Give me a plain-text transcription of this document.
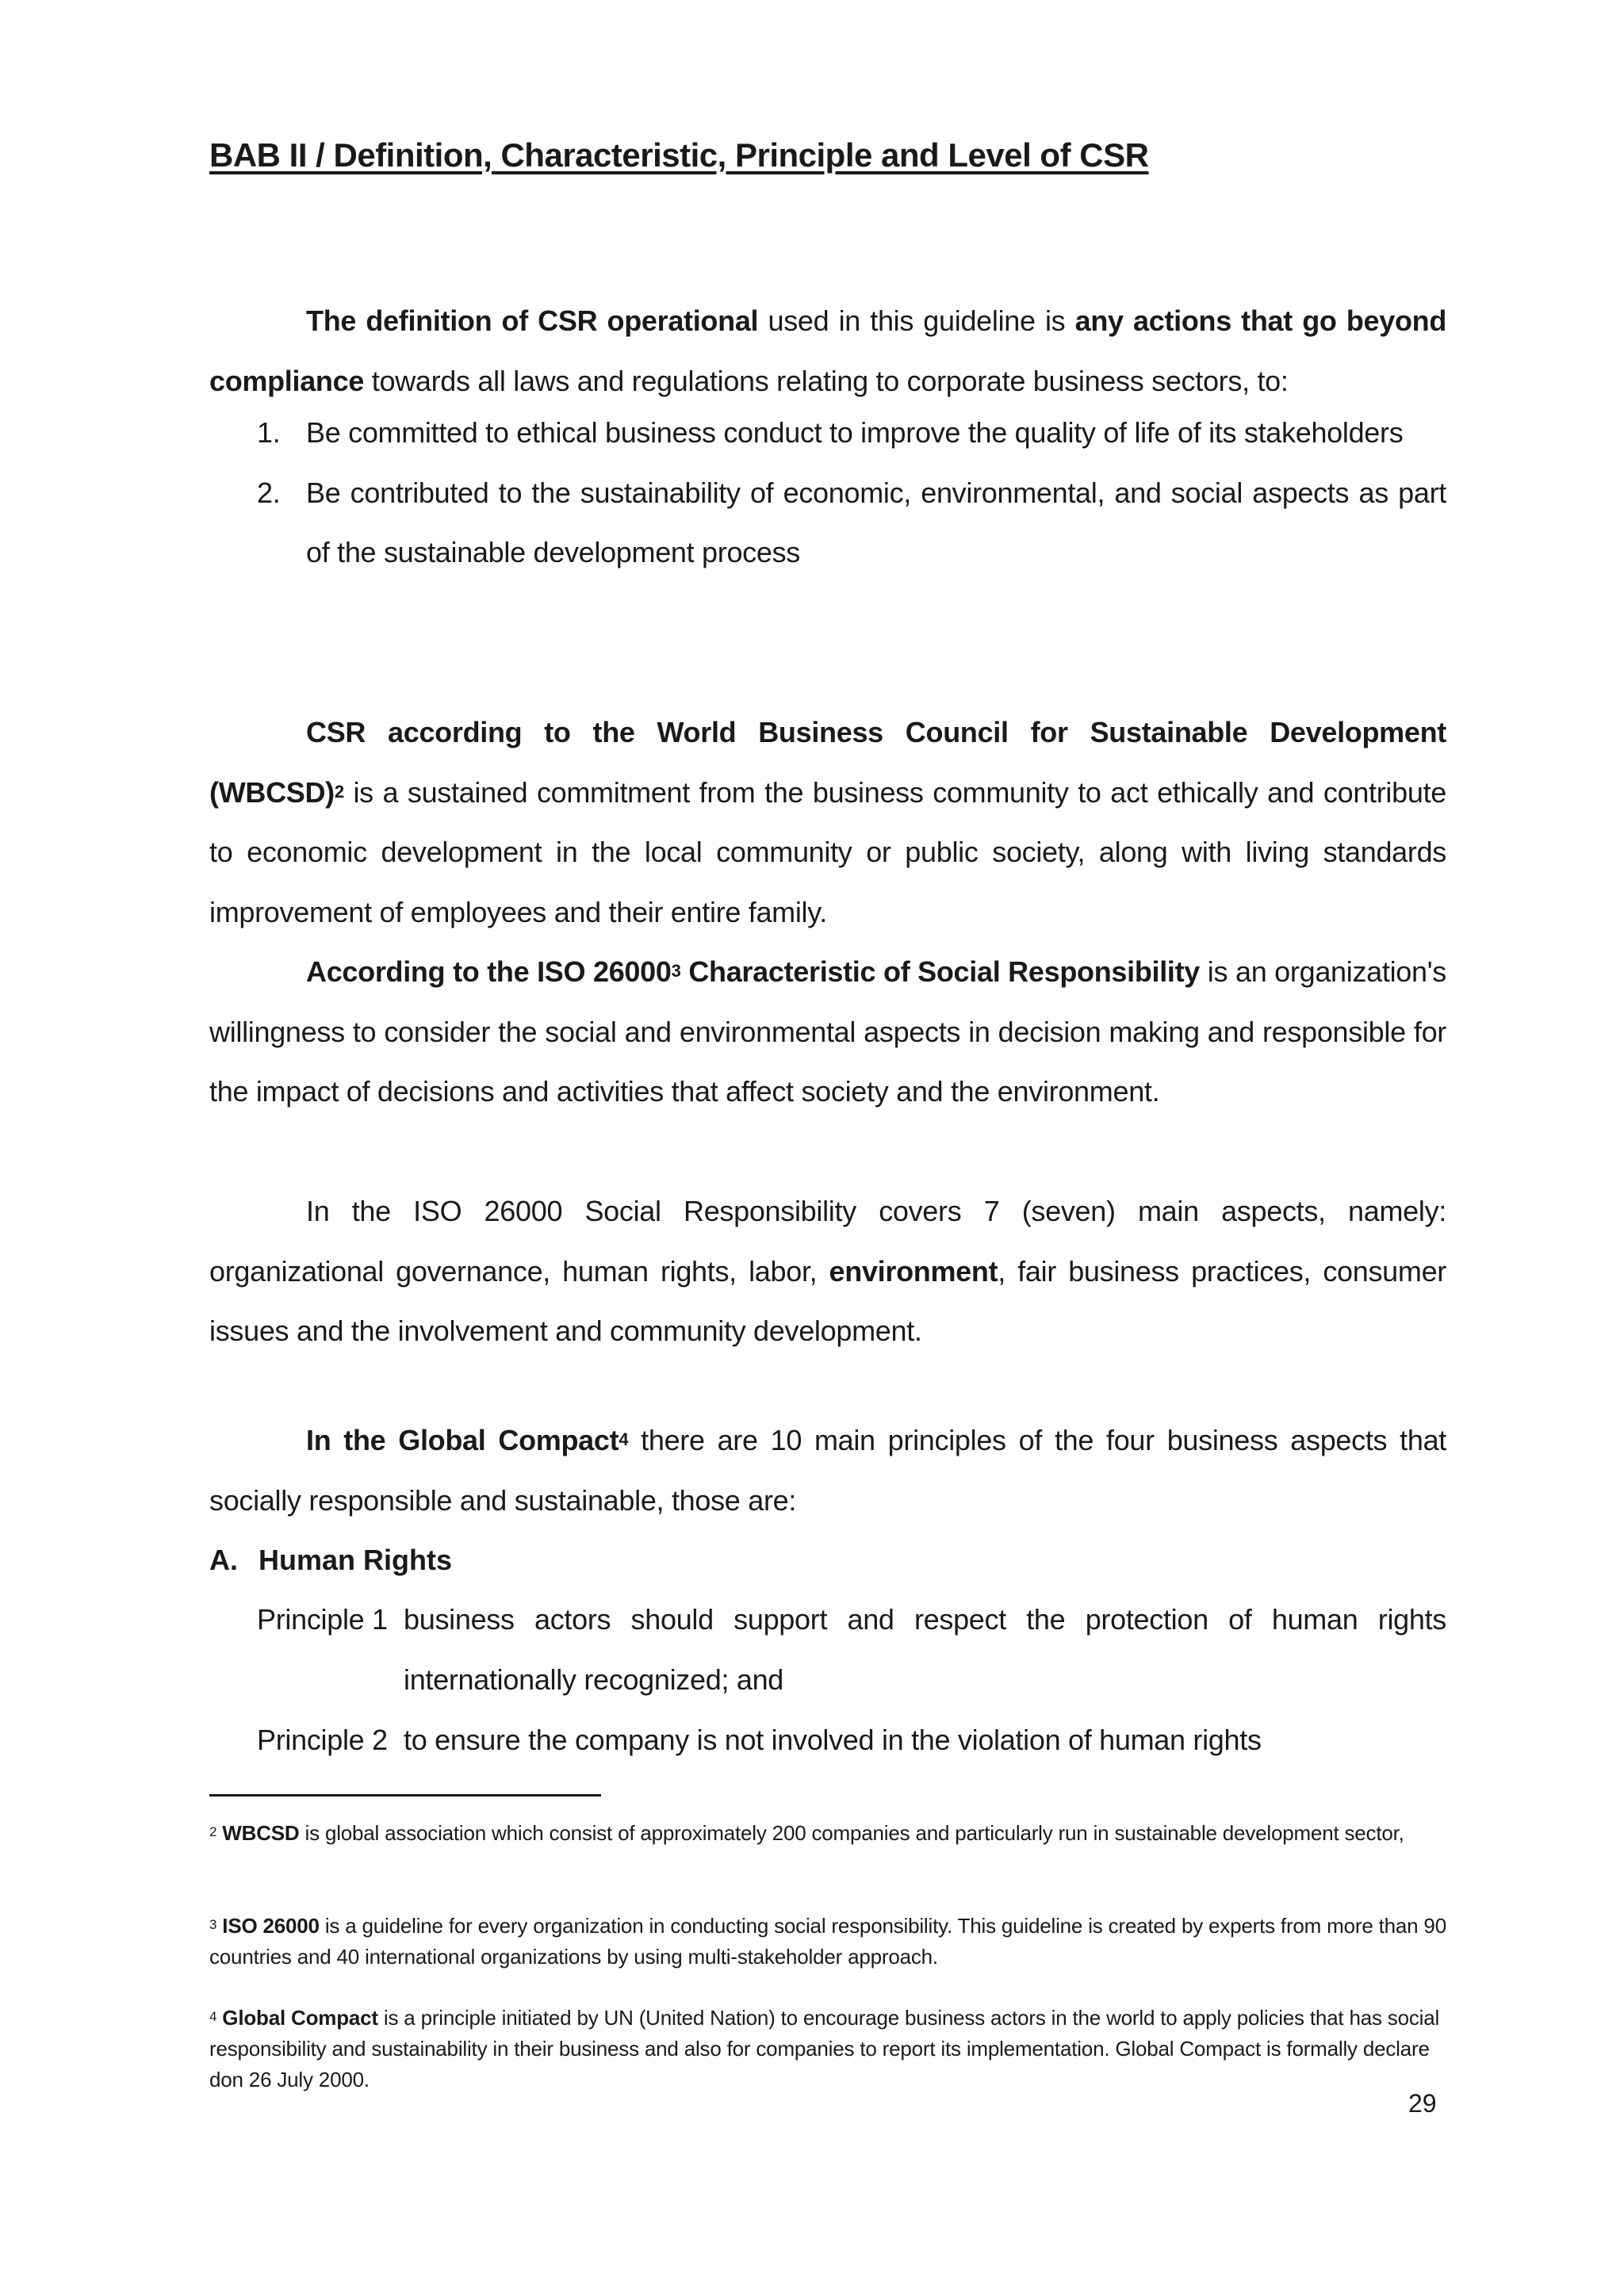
BAB II / Definition, Characteristic, Principle and Level of CSR

The definition of CSR operational used in this guideline is any actions that go beyond compliance towards all laws and regulations relating to corporate business sectors, to:

1. Be committed to ethical business conduct to improve the quality of life of its stakeholders
2. Be contributed to the sustainability of economic, environmental, and social aspects as part of the sustainable development process

CSR according to the World Business Council for Sustainable Development (WBCSD)$^2$ is a sustained commitment from the business community to act ethically and contribute to economic development in the local community or public society, along with living standards improvement of employees and their entire family.

According to the ISO 26000$^3$ Characteristic of Social Responsibility is an organization's willingness to consider the social and environmental aspects in decision making and responsible for the impact of decisions and activities that affect society and the environment.

In the ISO 26000 Social Responsibility covers 7 (seven) main aspects, namely: organizational governance, human rights, labor, environment, fair business practices, consumer issues and the involvement and community development.

In the Global Compact$^4$ there are 10 main principles of the four business aspects that socially responsible and sustainable, those are:

A. Human Rights

Principle 1 business actors should support and respect the protection of human rights internationally recognized; and
Principle 2 to ensure the company is not involved in the violation of human rights

$^2$ WBCSD is global association which consist of approximately 200 companies and particularly run in sustainable development sector,

$^3$ ISO 26000 is a guideline for every organization in conducting social responsibility. This guideline is created by experts from more than 90 countries and 40 international organizations by using multi-stakeholder approach.

$^4$ Global Compact is a principle initiated by UN (United Nation) to encourage business actors in the world to apply policies that has social responsibility and sustainability in their business and also for companies to report its implementation. Global Compact is formally declare don 26 July 2000.

29
